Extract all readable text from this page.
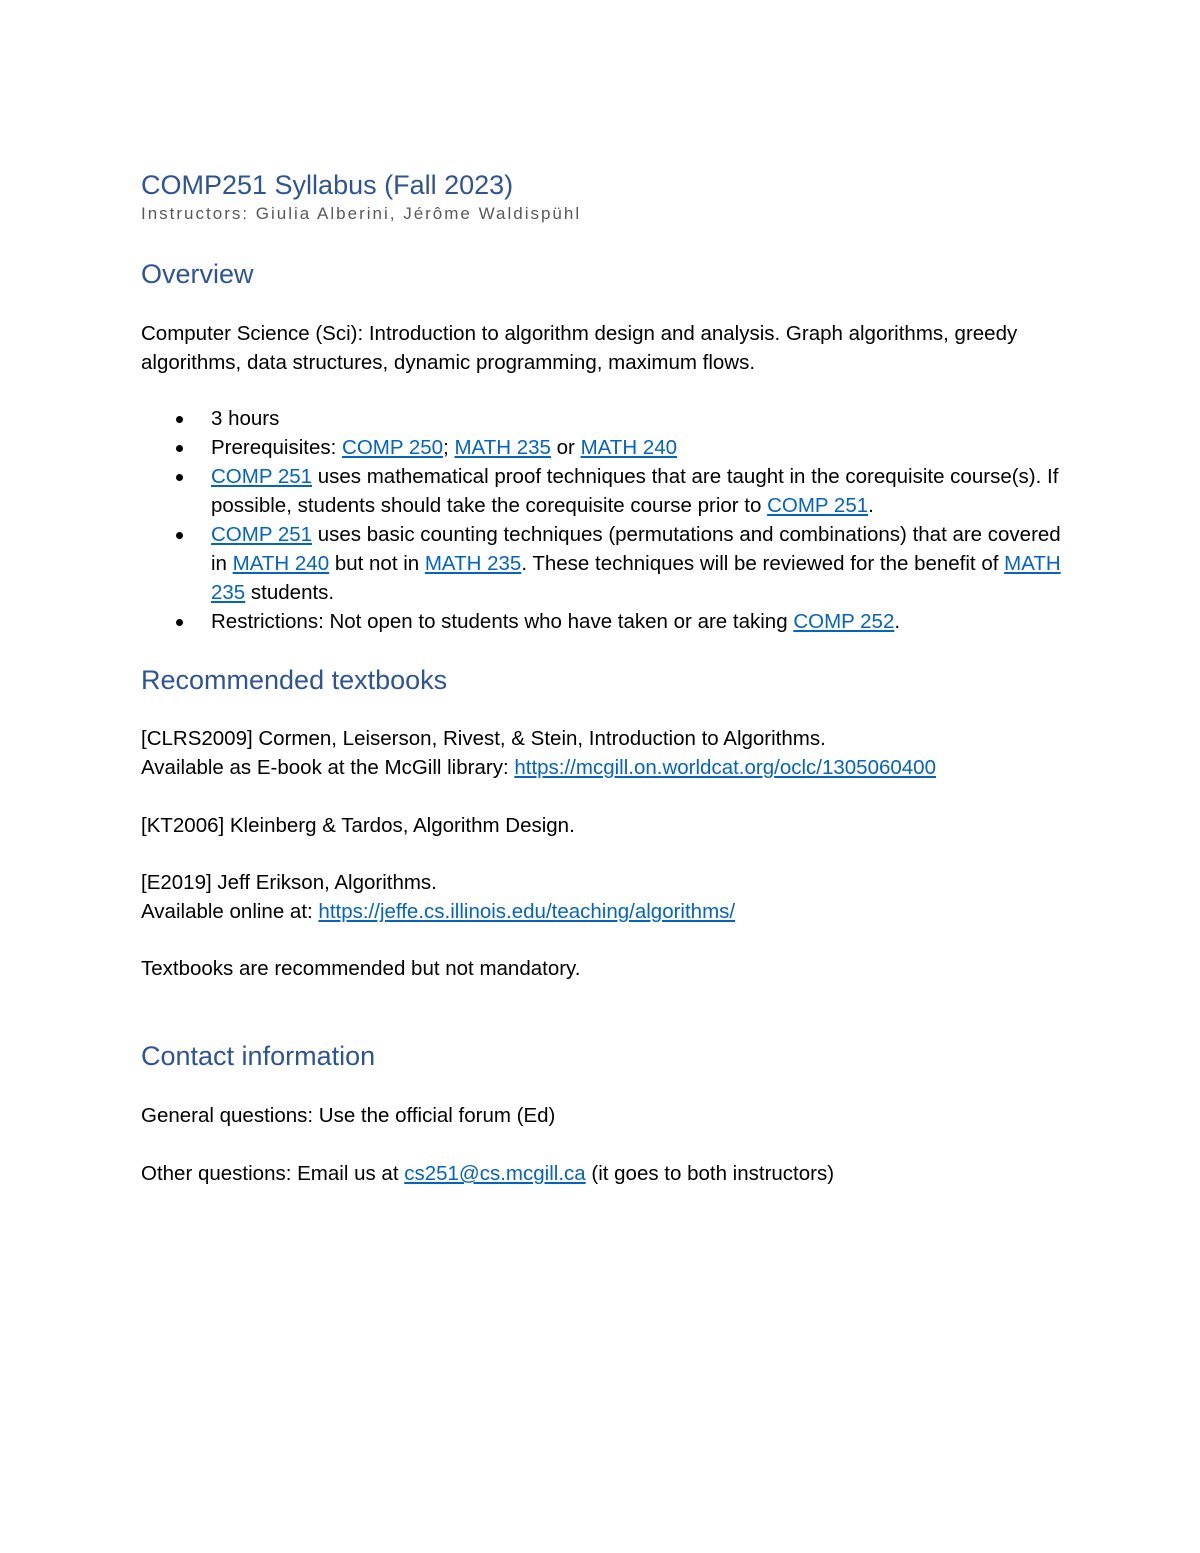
COMP251 Syllabus (Fall 2023)

Instructors: Giulia Alberini, Jérôme Waldispühl

Overview

Computer Science (Sci): Introduction to algorithm design and analysis. Graph algorithms, greedy algorithms, data structures, dynamic programming, maximum flows.

3 hours
Prerequisites: COMP 250; MATH 235 or MATH 240
COMP 251 uses mathematical proof techniques that are taught in the corequisite course(s). If possible, students should take the corequisite course prior to COMP 251.
COMP 251 uses basic counting techniques (permutations and combinations) that are covered in MATH 240 but not in MATH 235. These techniques will be reviewed for the benefit of MATH 235 students.
Restrictions: Not open to students who have taken or are taking COMP 252.
Recommended textbooks

[CLRS2009] Cormen, Leiserson, Rivest, & Stein, Introduction to Algorithms.
Available as E-book at the McGill library: https://mcgill.on.worldcat.org/oclc/1305060400

[KT2006] Kleinberg & Tardos, Algorithm Design.

[E2019] Jeff Erikson, Algorithms.
Available online at: https://jeffe.cs.illinois.edu/teaching/algorithms/

Textbooks are recommended but not mandatory.

Contact information

General questions: Use the official forum (Ed)

Other questions: Email us at cs251@cs.mcgill.ca (it goes to both instructors)
